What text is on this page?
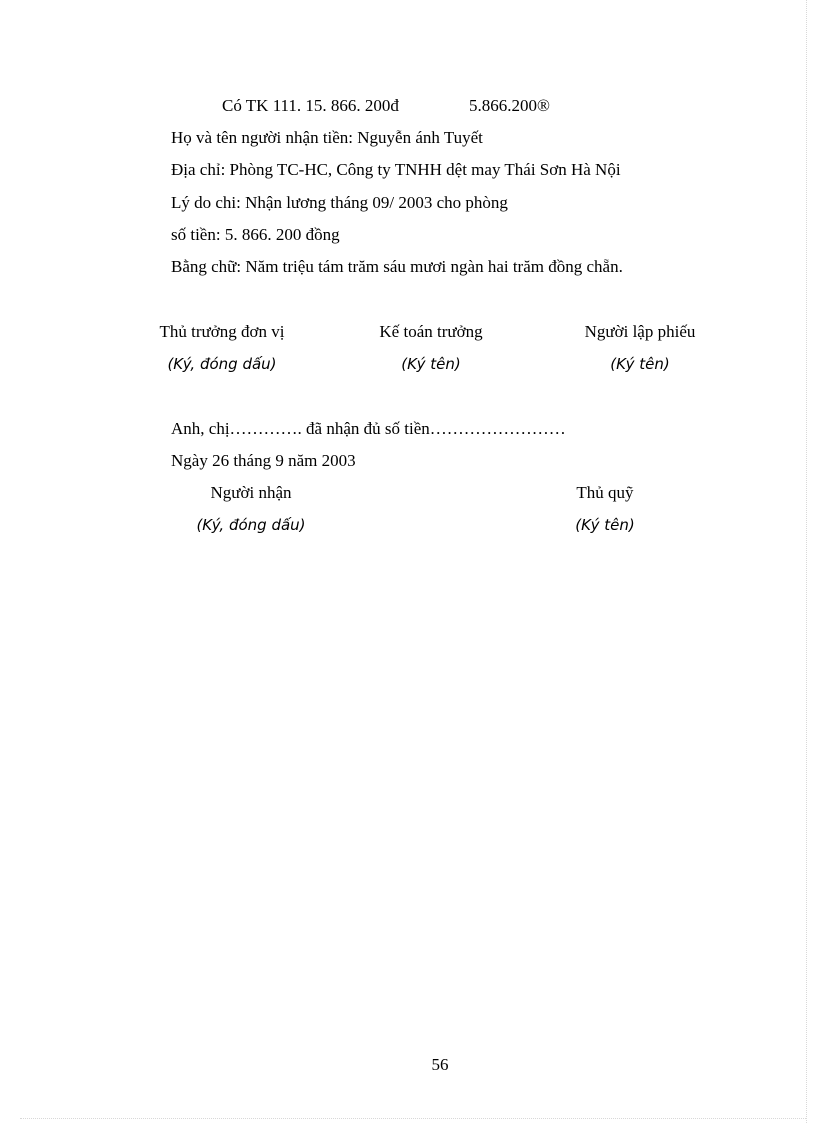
Có TK 111. 15. 866. 200đ	5.866.200®
Họ và tên người nhận tiền: Nguyễn ánh Tuyết
Địa chỉ: Phòng TC-HC, Công ty TNHH dệt may Thái Sơn Hà Nội
Lý do chi: Nhận lương tháng 09/ 2003 cho phòng
số tiền: 5. 866. 200 đồng
Bằng chữ: Năm triệu tám trăm sáu mươi ngàn hai trăm đồng chẵn.
Thủ trưởng đơn vị
(Ký, đóng dấu)
Kế toán trưởng
(Ký tên)
Người lập phiếu
(Ký tên)
Anh, chị…………. đã nhận đủ số tiền……………………
Ngày 26 tháng 9 năm 2003
Người nhận
(Ký, đóng dấu)
Thủ quỹ
(Ký tên)
56
